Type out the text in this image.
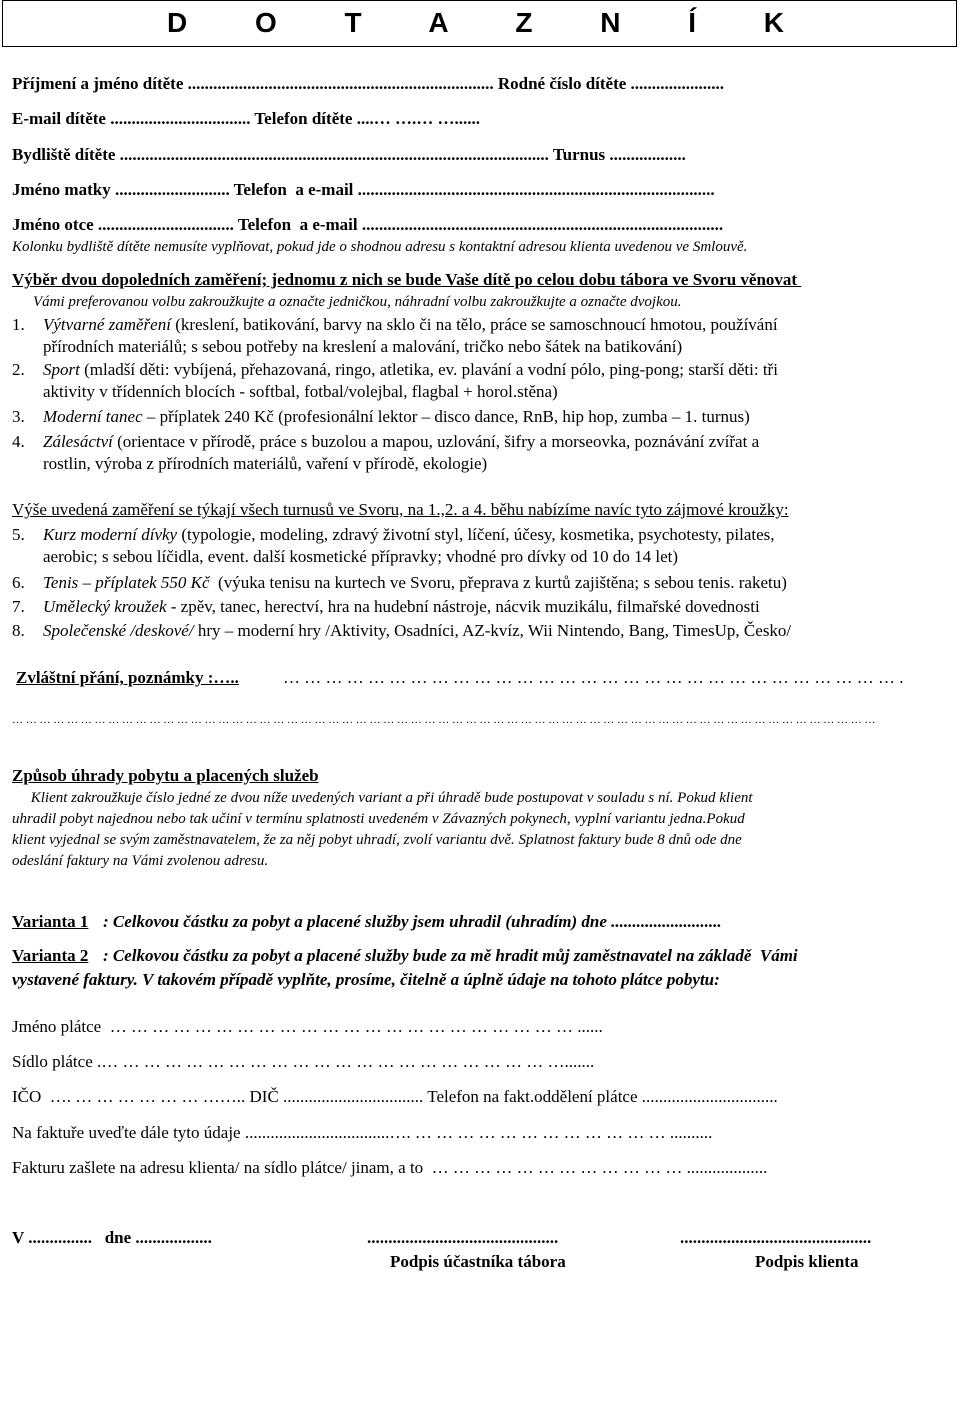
D O T A Z N Í K
Příjmení a jméno dítěte ........................................................................ Rodné číslo dítěte ......................
E-mail dítěte ................................. Telefon dítěte ....… ….… …......
Bydliště dítěte ..................................................................................................... Turnus ..................
Jméno matky ........................... Telefon  a e-mail ....................................................................................
Jméno otce ................................ Telefon  a e-mail .....................................................................................
Kolonku bydliště dítěte nemusíte vyplňovat, pokud jde o shodnou adresu s kontaktní adresou klienta uvedenou ve Smlouvě.
Výběr dvou dopoledních zaměření; jednomu z nich se bude Vaše dítě po celou dobu tábora ve Svoru věnovat
Vámi preferovanou volbu zakroužkujte a označte jedničkou, náhradní volbu zakroužkujte a označte dvojkou.
1. Výtvarné zaměření (kreslení, batikování, barvy na sklo či na tělo, práce se samoschnoucí hmotou, používání
přírodních materiálů; s sebou potřeby na kreslení a malování, tričko nebo šátek na batikování)
2. Sport (mladší děti: vybíjená, přehazovaná, ringo, atletika, ev. plavání a vodní pólo, ping-pong; starší děti: tři
aktivity v třídenních blocích - softbal, fotbal/volejbal, flagbal + horol.stěna)
3. Moderní tanec – příplatek 240 Kč (profesionální lektor – disco dance, RnB, hip hop, zumba – 1. turnus)
4. Zálesáctví (orientace v přírodě, práce s buzolou a mapou, uzlování, šifry a morseovka, poznávání zvířat a
rostlin, výroba z přírodních materiálů, vaření v přírodě, ekologie)
Výše uvedená zaměření se týkají všech turnusů ve Svoru, na 1.,2. a 4. běhu nabízíme navíc tyto zájmové kroužky:
5. Kurz moderní dívky (typologie, modeling, zdravý životní styl, líčení, účesy, kosmetika, psychotesty, pilates,
aerobic; s sebou líčidla, event. další kosmetické přípravky; vhodné pro dívky od 10 do 14 let)
6. Tenis – příplatek 550 Kč  (výuka tenisu na kurtech ve Svoru, přeprava z kurtů zajištěna; s sebou tenis. raketu)
7. Umělecký kroužek - zpěv, tanec, herectví, hra na hudební nástroje, nácvik muzikálu, filmařské dovednosti
8. Společenské /deskové/ hry – moderní hry /Aktivity, Osadníci, AZ-kvíz, Wii Nintendo, Bang, TimesUp, Česko/
Zvláštní přání, poznámky :…..	… … … … … … … … … … … … … … … … … … … … … … … … … … … … … .
… … … … … … … … … … … … … … … … … … … … … … … … … … … … … … … … … … … … … … … … … … … … … … … … … … … … … … … … … … … … … … …
Způsob úhrady pobytu a placených služeb
Klient zakroužkuje číslo jedné ze dvou níže uvedených variant a při úhradě bude postupovat v souladu s ní. Pokud klient
uhradil pobyt najednou nebo tak učiní v termínu splatnosti uvedeném v Závazných pokynech, vyplní variantu jedna.Pokud
klient vyjednal se svým zaměstnavatelem, že za něj pobyt uhradí, zvolí variantu dvě. Splatnost faktury bude 8 dnů ode dne
odeslání faktury na Vámi zvolenou adresu.
Varianta 1 : Celkovou částku za pobyt a placené služby jsem uhradil (uhradím) dne ..........................
Varianta 2 : Celkovou částku za pobyt a placené služby bude za mě hradit můj zaměstnavatel na základě  Vámi
vystavené faktury. V takovém případě vyplňte, prosíme, čitelně a úplně údaje na tohoto plátce pobytu:
Jméno plátce  … … … … … … … … … … … … … … … … … … … … … … ......
Sídlo plátce .… … … … … … … … … … … … … … … … … … … … … ….......
IČO  …. … … … … … … …….. DIČ ................................. Telefon na fakt.oddělení plátce ................................
Na faktuře uveďte dále tyto údaje ..................................…. … … … … … … … … … … … … ..........
Fakturu zašlete na adresu klienta/ na sídlo plátce/ jinam, a to  … … … … … … … … … … … … ...................
V ...............   dne ..................	.............................................	.............................................
Podpis účastníka tábora	Podpis klienta
